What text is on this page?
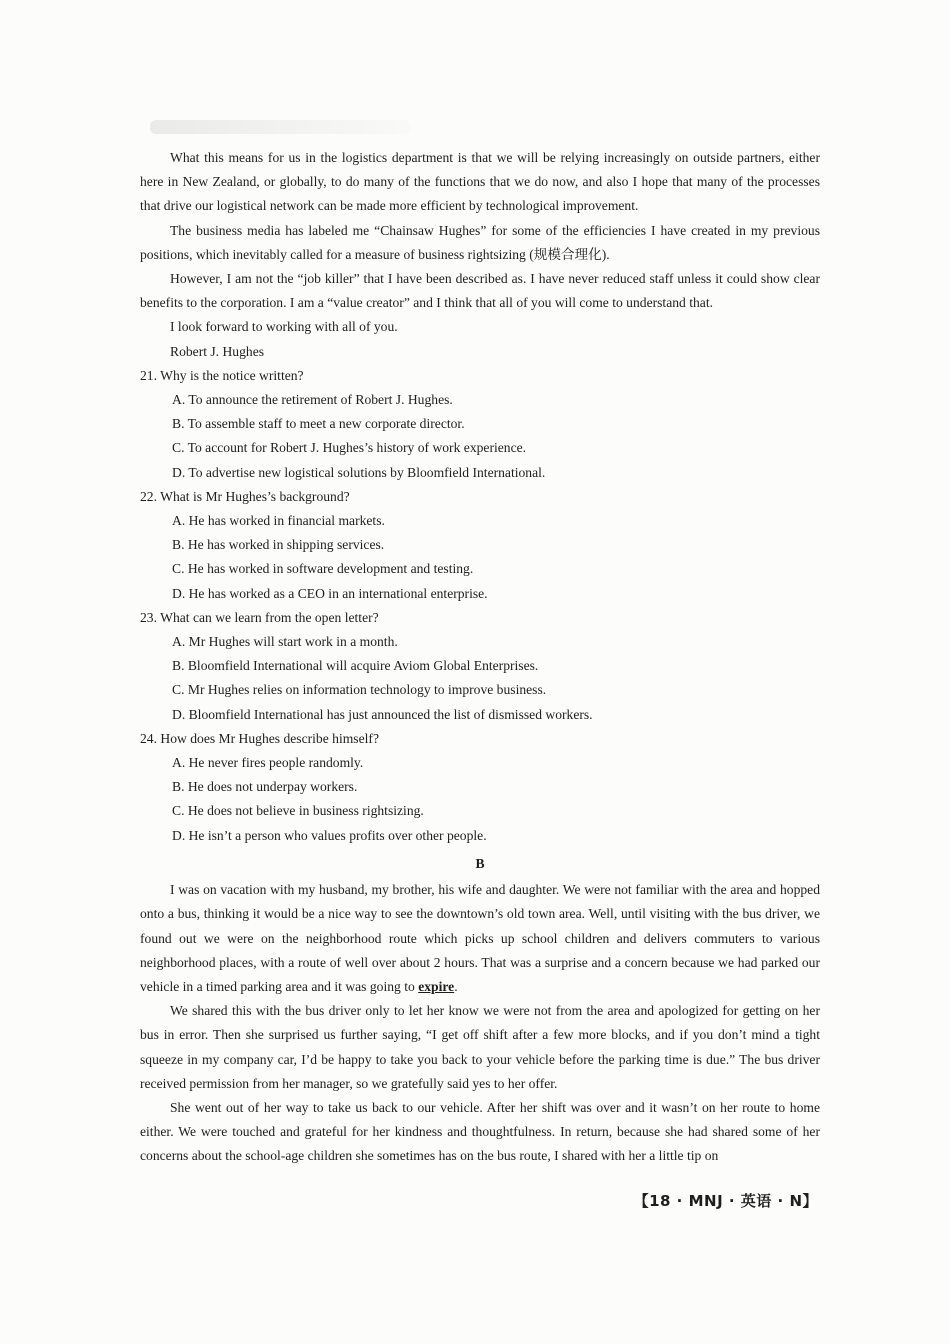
What this means for us in the logistics department is that we will be relying increasingly on outside partners, either here in New Zealand, or globally, to do many of the functions that we do now, and also I hope that many of the processes that drive our logistical network can be made more efficient by technological improvement.

The business media has labeled me “Chainsaw Hughes” for some of the efficiencies I have created in my previous positions, which inevitably called for a measure of business rightsizing (规模合理化).

However, I am not the “job killer” that I have been described as. I have never reduced staff unless it could show clear benefits to the corporation. I am a “value creator” and I think that all of you will come to understand that.

I look forward to working with all of you.

Robert J. Hughes

21. Why is the notice written?

A. To announce the retirement of Robert J. Hughes.

B. To assemble staff to meet a new corporate director.

C. To account for Robert J. Hughes’s history of work experience.

D. To advertise new logistical solutions by Bloomfield International.

22. What is Mr Hughes’s background?

A. He has worked in financial markets.

B. He has worked in shipping services.

C. He has worked in software development and testing.

D. He has worked as a CEO in an international enterprise.

23. What can we learn from the open letter?

A. Mr Hughes will start work in a month.

B. Bloomfield International will acquire Aviom Global Enterprises.

C. Mr Hughes relies on information technology to improve business.

D. Bloomfield International has just announced the list of dismissed workers.

24. How does Mr Hughes describe himself?

A. He never fires people randomly.

B. He does not underpay workers.

C. He does not believe in business rightsizing.

D. He isn’t a person who values profits over other people.

B

I was on vacation with my husband, my brother, his wife and daughter. We were not familiar with the area and hopped onto a bus, thinking it would be a nice way to see the downtown’s old town area. Well, until visiting with the bus driver, we found out we were on the neighborhood route which picks up school children and delivers commuters to various neighborhood places, with a route of well over about 2 hours. That was a surprise and a concern because we had parked our vehicle in a timed parking area and it was going to expire.

We shared this with the bus driver only to let her know we were not from the area and apologized for getting on her bus in error. Then she surprised us further saying, “I get off shift after a few more blocks, and if you don’t mind a tight squeeze in my company car, I’d be happy to take you back to your vehicle before the parking time is due.” The bus driver received permission from her manager, so we gratefully said yes to her offer.

She went out of her way to take us back to our vehicle. After her shift was over and it wasn’t on her route to home either. We were touched and grateful for her kindness and thoughtfulness. In return, because she had shared some of her concerns about the school-age children she sometimes has on the bus route, I shared with her a little tip on

【18 · MNJ · 英语 · N】
